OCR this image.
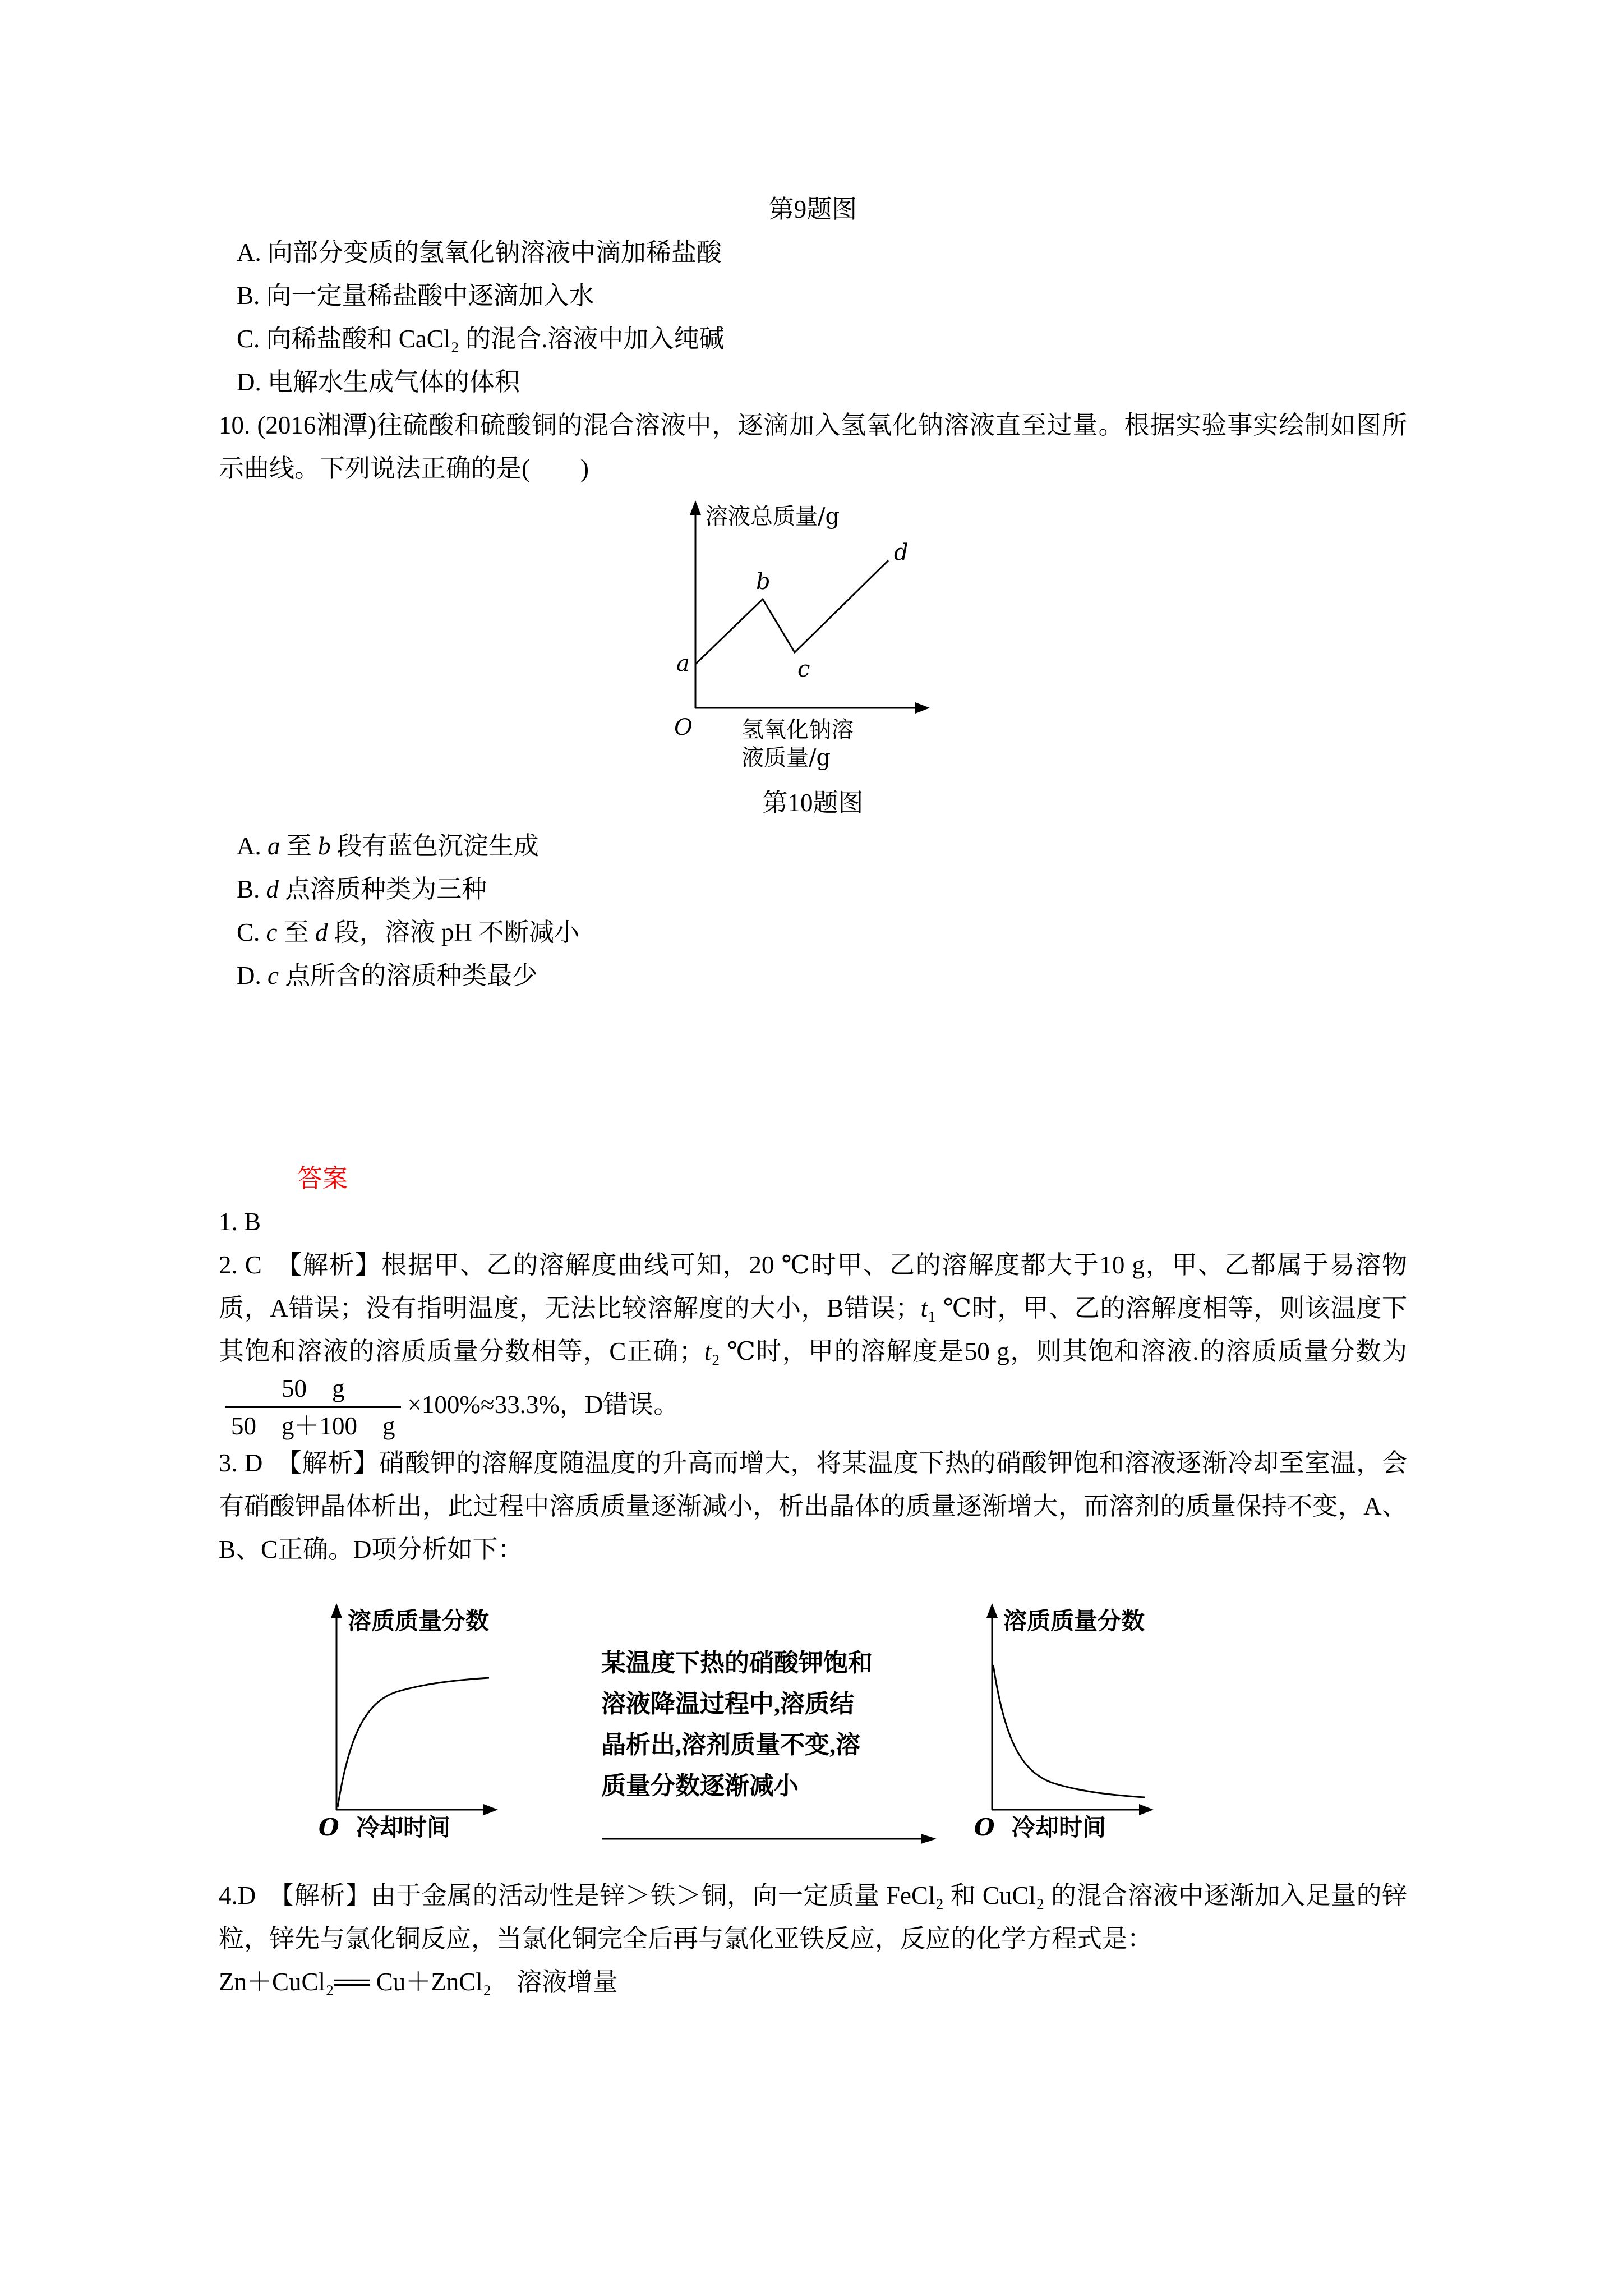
第9题图

A. 向部分变质的氢氧化钠溶液中滴加稀盐酸

B. 向一定量稀盐酸中逐滴加入水

C. 向稀盐酸和 CaCl₂ 的混合.溶液中加入纯碱

D. 电解水生成气体的体积

10. (2016湘潭)往硫酸和硫酸铜的混合溶液中，逐滴加入氢氧化钠溶液直至过量。根据实验事实绘制如图所示曲线。下列说法正确的是(　　)

溶液总质量/g
a
b
c
d
O 氢氧化钠溶
液质量/g

第10题图

A. a 至 b 段有蓝色沉淀生成

B. d 点溶质种类为三种

C. c 至 d 段，溶液 pH 不断减小

D. c 点所含的溶质种类最少

答案

1. B

2. C　【解析】根据甲、乙的溶解度曲线可知，20 ℃时甲、乙的溶解度都大于10 g，甲、乙都属于易溶物质，A错误；没有指明温度，无法比较溶解度的大小，B错误；t₁ ℃时，甲、乙的溶解度相等，则该温度下其饱和溶液的溶质质量分数相等，C正确；t₂ ℃时，甲的溶解度是50 g，则其饱和溶液.的溶质质量分数为
$\frac{50 g}{50 g+100 g} \times 100\%\approx 33.3\%$，D错误。

3. D　【解析】硝酸钾的溶解度随温度的升高而增大，将某温度下热的硝酸钾饱和溶液逐渐冷却至室温，会有硝酸钾晶体析出，此过程中溶质质量逐渐减小，析出晶体的质量逐渐增大，而溶剂的质量保持不变，A、B、C正确。D项分析如下：

溶质质量分数
O 冷却时间

某温度下热的硝酸钾饱和

溶液降温过程中,溶质结

晶析出,溶剂质量不变,溶

质量分数逐渐减小

溶质质量分数
O 冷却时间

4.D　【解析】由于金属的活动性是锌＞铁＞铜，向一定质量 FeCl₂ 和 CuCl₂ 的混合溶液中逐渐加入足量的锌粒，锌先与氯化铜反应，当氯化铜完全后再与氯化亚铁反应，反应的化学方程式是：

Zn＋CuCl₂══ Cu＋ZnCl₂　溶液增量
